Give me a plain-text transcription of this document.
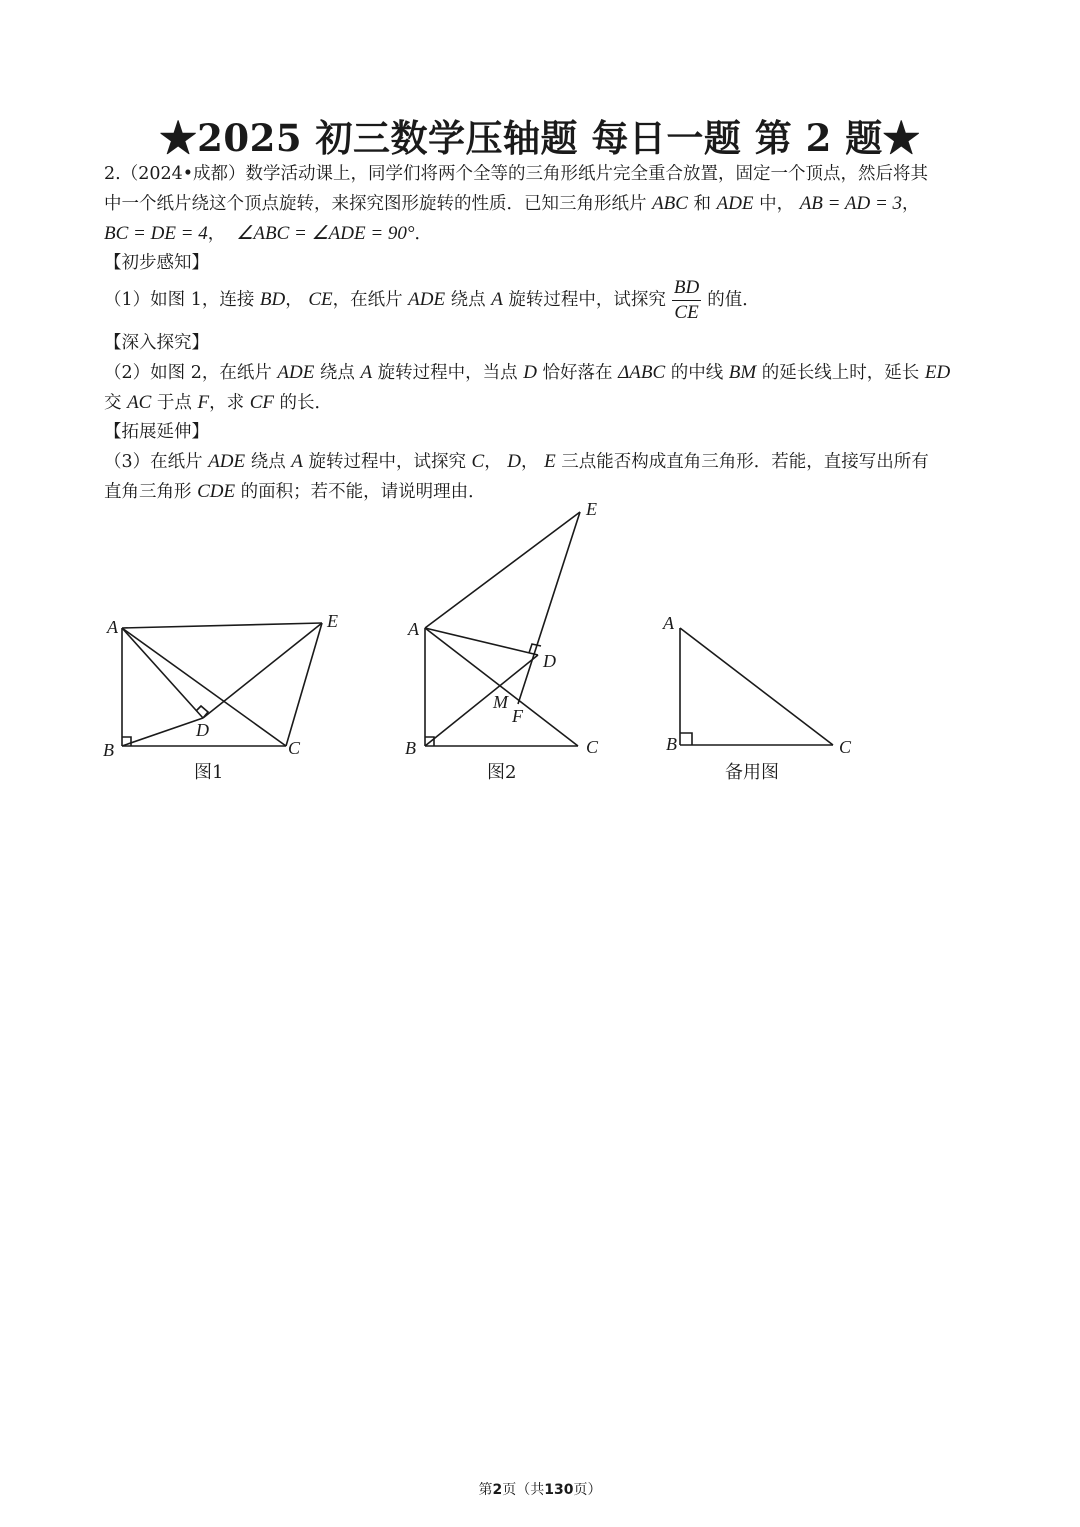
★2025 初三数学压轴题 每日一题 第 2 题★
2.（2024•成都）数学活动课上，同学们将两个全等的三角形纸片完全重合放置，固定一个顶点，然后将其
中一个纸片绕这个顶点旋转，来探究图形旋转的性质．已知三角形纸片 ABC 和 ADE 中， AB = AD = 3，
BC = DE = 4， ∠ABC = ∠ADE = 90°．
【初步感知】
（1）如图 1，连接 BD， CE，在纸片 ADE 绕点 A 旋转过程中，试探究 $\frac{BD}{CE}$ 的值．
【深入探究】
（2）如图 2，在纸片 ADE 绕点 A 旋转过程中，当点 D 恰好落在 ΔABC 的中线 BM 的延长线上时，延长 ED
交 AC 于点 F，求 CF 的长．
【拓展延伸】
（3）在纸片 ADE 绕点 A 旋转过程中，试探究 C， D， E 三点能否构成直角三角形．若能，直接写出所有
直角三角形 CDE 的面积；若不能，请说明理由．
A
B	C
D
E
图1
A
B	C
D
E
M
F
图2
A
B	C
备用图
第2页（共130页）
